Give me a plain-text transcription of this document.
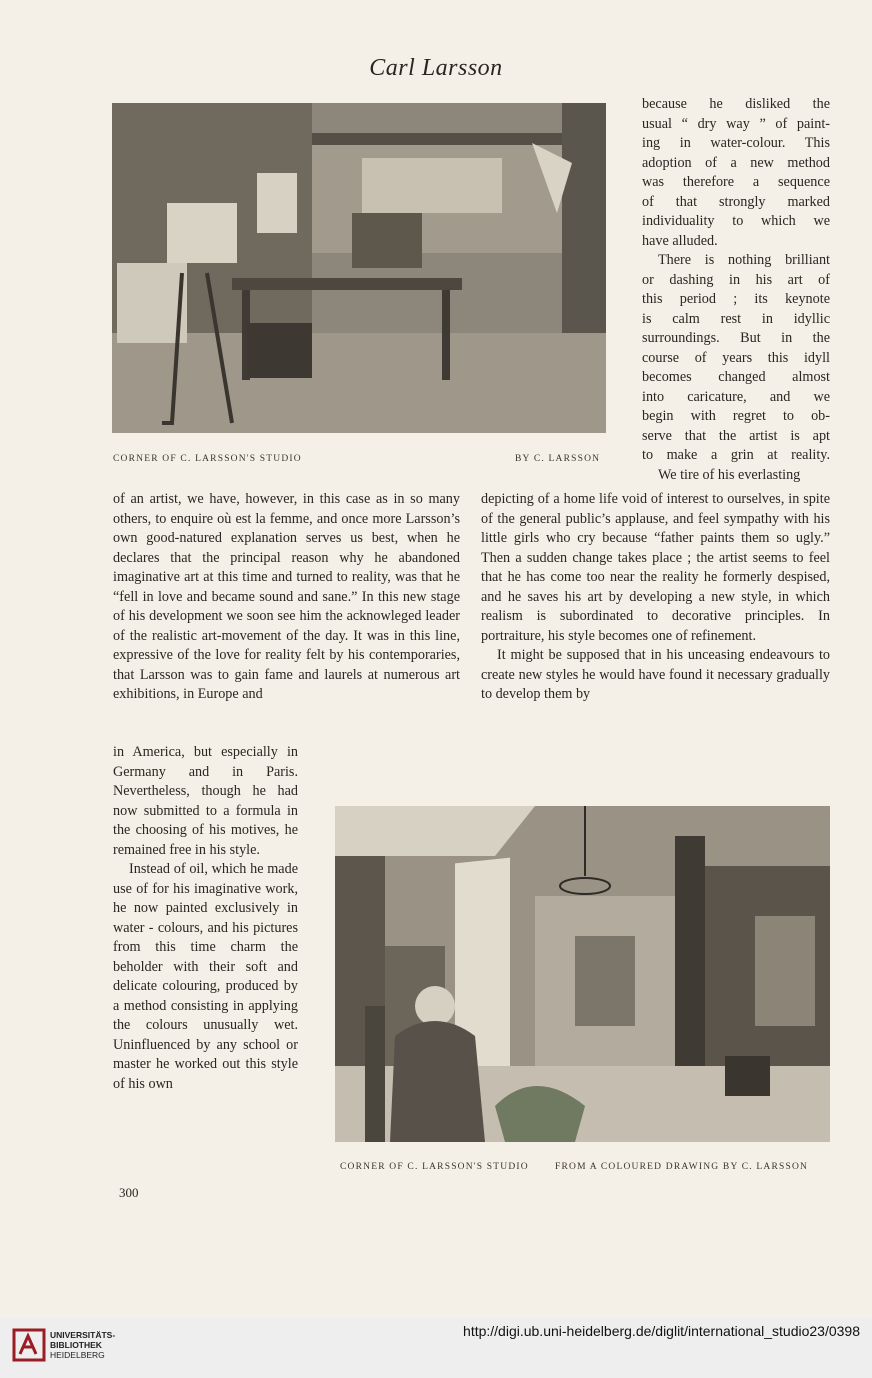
Carl Larsson
CORNER OF C. LARSSON'S STUDIO	BY C. LARSSON
because he disliked the
usual “ dry way ” of paint-
ing in water-colour. This
adoption of a new method
was therefore a sequence
of that strongly marked
individuality to which we
have alluded.
There is nothing brilliant
or dashing in his art of
this period ; its keynote
is calm rest in idyllic
surroundings. But in the
course of years this idyll
becomes changed almost
into caricature, and we
begin with regret to ob-
serve that the artist is apt
to make a grin at reality.
We tire of his everlasting

of an artist, we have, however, in this case as in so many others, to enquire où est la femme, and once more Larsson’s own good-natured explanation serves us best, when he declares that the principal reason why he abandoned imaginative art at this time and turned to reality, was that he “fell in love and became sound and sane.” In this new stage of his development we soon see him the acknowleged leader of the realistic art-movement of the day. It was in this line, expressive of the love for reality felt by his contemporaries, that Larsson was to gain fame and laurels at numerous art exhibitions, in Europe and

in America, but especially in Germany and in Paris. Nevertheless, though he had now submitted to a formula in the choosing of his motives, he remained free in his style.

Instead of oil, which he made use of for his imaginative work, he now painted exclusively in water - colours, and his pictures from this time charm the beholder with their soft and delicate colouring, produced by a method consisting in applying the colours unusually wet. Uninfluenced by any school or master he worked out this style of his own

depicting of a home life void of interest to ourselves, in spite of the general public’s applause, and feel sympathy with his little girls who cry because “father paints them so ugly.” Then a sudden change takes place ; the artist seems to feel that he has come too near the reality he formerly despised, and he saves his art by developing a new style, in which realism is subordinated to decorative principles. In portraiture, his style becomes one of refinement.

It might be supposed that in his unceasing endeavours to create new styles he would have found it necessary gradually to develop them by

CORNER OF C. LARSSON'S STUDIO	FROM A COLOURED DRAWING BY C. LARSSON
300
UNIVERSITÄTS-
BIBLIOTHEK
HEIDELBERG
http://digi.ub.uni-heidelberg.de/diglit/international_studio23/0398
